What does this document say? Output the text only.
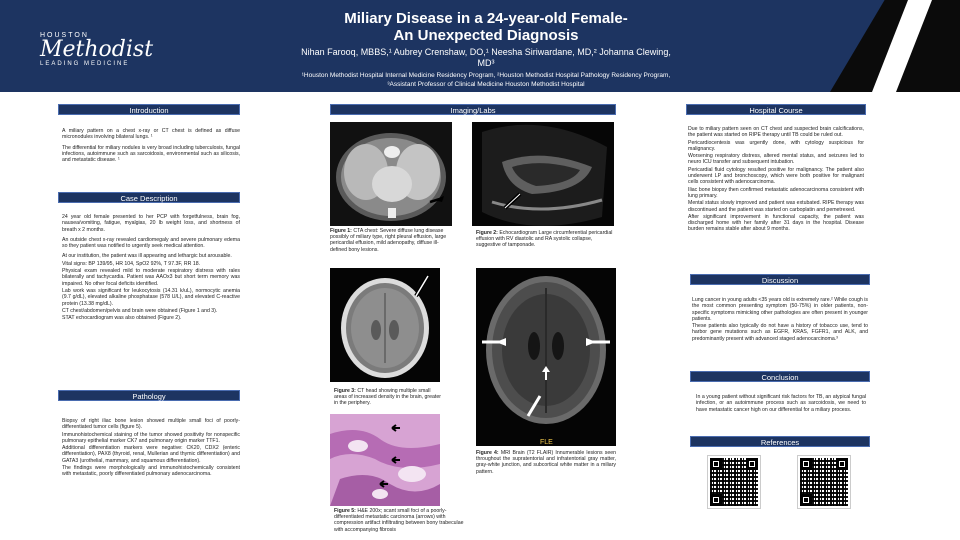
HOUSTON
Methodist
LEADING MEDICINE
Miliary Disease in a 24-year-old Female-
An Unexpected Diagnosis
Nihan Farooq, MBBS,¹ Aubrey Crenshaw, DO,¹ Neesha Siriwardane, MD,² Johanna Clewing, MD³
¹Houston Methodist Hospital Internal Medicine Residency Program, ²Houston Methodist Hospital Pathology Residency Program, ³Assistant Professor of Clinical Medicine Houston Methodist Hospital
Introduction

A miliary pattern on a chest x-ray or CT chest is defined as diffuse micronodules involving bilateral lungs. ¹

The differential for miliary nodules is very broad including tuberculosis, fungal infections, autoimmune such as sarcoidosis, environmental such as silicosis, and metastatic disease. ¹

Case Description

24 year old female presented to her PCP with forgetfulness, brain fog, nausea/vomiting, fatigue, myalgias, 20 lb weight loss, and shortness of breath x 2 months.

An outside chest x-ray revealed cardiomegaly and severe pulmonary edema so they patient was notified to urgently seek medical attention.

At our institution, the patient was ill appearing and lethargic but arousable.

Vital signs: BP 139/95, HR 104, SpO2 92%, T 97.3F, RR 18.

Physical exam revealed mild to moderate respiratory distress with rales bilaterally and tachycardia. Patient was AAOx3 but short term memory was impaired. No other focal deficits identified.

Lab work was significant for leukocytosis (14.31 k/uL), normocytic anemia (9.7 g/dL), elevated alkaline phosphatase (578 U/L), and elevated C-reactive protein (13.38 mg/dL).

CT chest/abdomen/pelvis and brain were obtained (Figure 1 and 3).

STAT echocardiogram was also obtained (Figure 2).

Pathology

Biopsy of right iliac bone lesion showed multiple small foci of poorly-differentiated tumor cells (figure 5).

Immunohistochemical staining of the tumor showed positivity for nonspecific pulmonary epithelial marker CK7 and pulmonary origin marker TTF1.

Additional differentiation markers were negative: CK20, CDX2 (enteric differentiation), PAX8 (thyroid, renal, Mullerian and thymic differentiation) and GATA3 (urothelial, mammary, and squamous differentiation).

The findings were morphologically and immunohistochemically consistent with metastatic, poorly differentiated pulmonary adenocarcinoma.

Imaging/Labs
Figure 1: CTA chest: Severe diffuse lung disease possibly of miliary type, right pleural effusion, large pericardial effusion, mild adenopathy, diffuse ill-defined bony lesions.
Figure 2: Echocardiogram Large circumferential pericardial effusion with RV diastolic and RA systolic collapse, suggestive of tamponade.
Figure 3: CT head showing multiple small areas of increased density in the brain, greater in the periphery.
FLE
Figure 4: MRI Brain (T2 FLAIR) Innumerable lesions seen throughout the supratentorial and infratentorial gray matter, gray-white junction, and subcortical white matter in a miliary pattern.
Figure 5: H&E 200x; scant small foci of a poorly-differentiated metastatic carcinoma (arrows) with compression artifact infiltrating between bony trabeculae with accompanying fibrosis
Hospital Course

Due to miliary pattern seen on CT chest and suspected brain calcifications, the patient was started on RIPE therapy until TB could be ruled out.

Pericardiocentesis was urgently done, with cytology suspicious for malignancy.

Worsening respiratory distress, altered mental status, and seizures led to neuro ICU transfer and subsequent intubation.

Pericardial fluid cytology resulted positive for malignancy. The patient also underwent LP and bronchoscopy, which were both positive for malignant cells consistent with adenocarcinoma.

Iliac bone biopsy then confirmed metastatic adenocarcinoma consistent with lung primary.

Mental status slowly improved and patient was extubated. RIPE therapy was discontinued and the patient was started on carboplatin and pemetrexed.

After significant improvement in functional capacity, the patient was discharged home with her family after 31 days in the hospital. Disease burden remains stable after about 9 months.

Discussion

Lung cancer in young adults <35 years old is extremely rare.² While cough is the most common presenting symptom (50-75%) in older patients, non-specific symptoms mimicking other pathologies are often present in younger patients.

These patients also typically do not have a history of tobacco use, tend to harbor gene mutations such as EGFR, KRAS, FGFR1, and ALK, and predominantly present with advanced staged adenocarcinoma.³

Conclusion

In a young patient without significant risk factors for TB, an atypical fungal infection, or an autoimmune process such as sarcoidosis, we need to have metastatic cancer high on our differential for a miliary process.

References
